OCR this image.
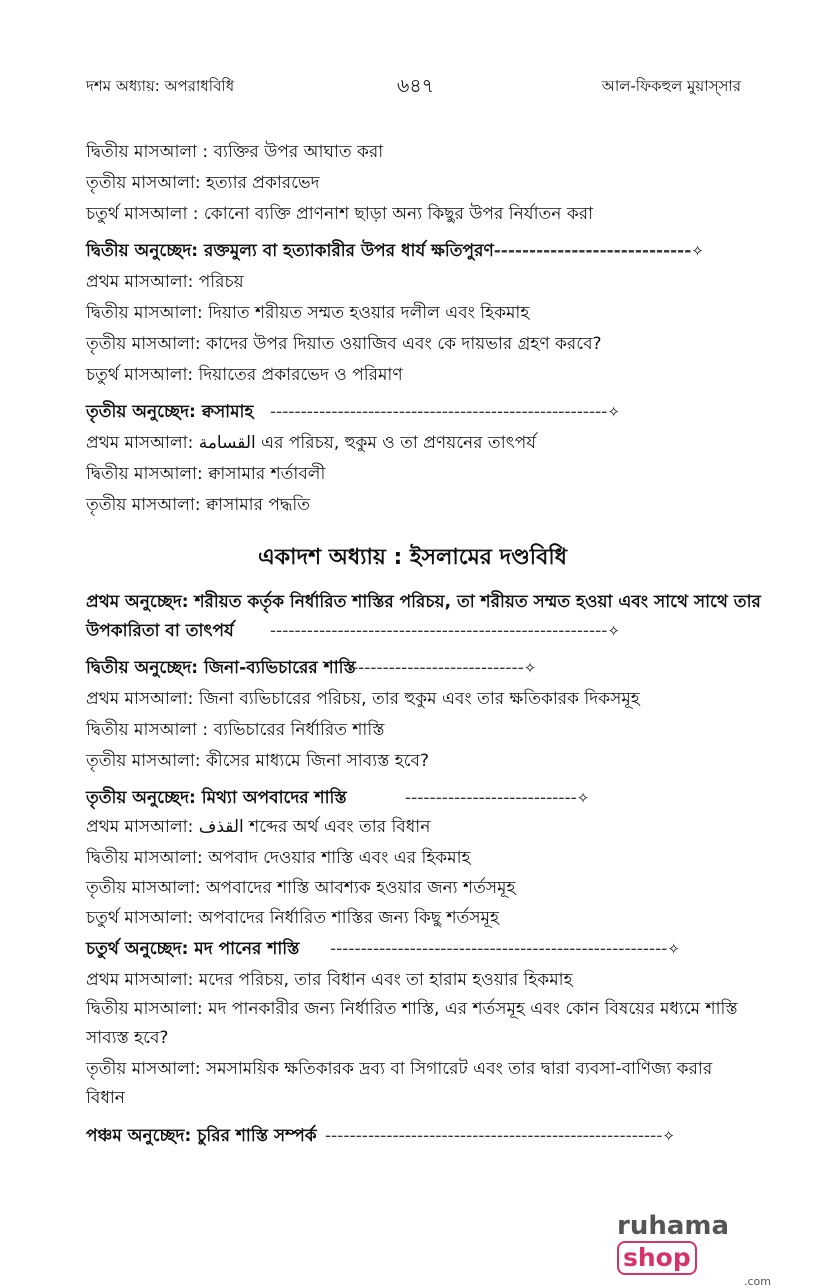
দশম অধ্যায়: অপরাধবিধি	৬৪৭	আল-ফিকহুল মুয়াস্সার
দ্বিতীয় মাসআলা : ব্যক্তির উপর আঘাত করা
তৃতীয় মাসআলা: হত্যার প্রকারভেদ
চতুর্থ মাসআলা : কোনো ব্যক্তি প্রাণনাশ ছাড়া অন্য কিছুর উপর নির্যাতন করা
দ্বিতীয় অনুচ্ছেদ: রক্তমুল্য বা হত্যাকারীর উপর ধার্য ক্ষতিপুরণ----------------------------✧
প্রথম মাসআলা: পরিচয়
দ্বিতীয় মাসআলা: দিয়াত শরীয়ত সম্মত হওয়ার দলীল এবং হিকমাহ
তৃতীয় মাসআলা: কাদের উপর দিয়াত ওয়াজিব এবং কে দায়ভার গ্রহণ করবে?
চতুর্থ মাসআলা: দিয়াতের প্রকারভেদ ও পরিমাণ
তৃতীয় অনুচ্ছেদ: ক্বসামাহ -------------------------------------------------------✧
প্রথম মাসআলা: القسامة এর পরিচয়, হুকুম ও তা প্রণয়নের তাৎপর্য
দ্বিতীয় মাসআলা: ক্বাসামার শর্তাবলী
তৃতীয় মাসআলা: ক্বাসামার পদ্ধতি
একাদশ অধ্যায় : ইসলামের দণ্ডবিধি
প্রথম অনুচ্ছেদ: শরীয়ত কর্তৃক নির্ধারিত শাস্তির পরিচয়, তা শরীয়ত সম্মত হওয়া এবং সাথে সাথে তার
উপকারিতা বা তাৎপর্য	-------------------------------------------------------✧
দ্বিতীয় অনুচ্ছেদ: জিনা-ব্যভিচারের শাস্তি
----------------------------✧
প্রথম মাসআলা: জিনা ব্যভিচারের পরিচয়, তার হুকুম এবং তার ক্ষতিকারক দিকসমূহ
দ্বিতীয় মাসআলা : ব্যভিচারের নির্ধারিত শাস্তি
তৃতীয় মাসআলা: কীসের মাধ্যমে জিনা সাব্যস্ত হবে?
তৃতীয় অনুচ্ছেদ: মিথ্যা অপবাদের শাস্তি	----------------------------✧
প্রথম মাসআলা: القذف শব্দের অর্থ এবং তার বিধান
দ্বিতীয় মাসআলা: অপবাদ দেওয়ার শাস্তি এবং এর হিকমাহ
তৃতীয় মাসআলা: অপবাদের শাস্তি আবশ্যক হওয়ার জন্য শর্তসমূহ
চতুর্থ মাসআলা: অপবাদের নির্ধারিত শাস্তির জন্য কিছু শর্তসমূহ
চতুর্থ অনুচ্ছেদ: মদ পানের শাস্তি	-------------------------------------------------------✧
প্রথম মাসআলা: মদের পরিচয়, তার বিধান এবং তা হারাম হওয়ার হিকমাহ
দ্বিতীয় মাসআলা: মদ পানকারীর জন্য নির্ধারিত শাস্তি, এর শর্তসমূহ এবং কোন বিষয়ের মধ্যমে শাস্তি
সাব্যস্ত হবে?
তৃতীয় মাসআলা: সমসাময়িক ক্ষতিকারক দ্রব্য বা সিগারেট এবং তার দ্বারা ব্যবসা-বাণিজ্য করার
বিধান
পঞ্চম অনুচ্ছেদ: চুরির শাস্তি সম্পর্ক -------------------------------------------------------✧
ruhamashop
.com
